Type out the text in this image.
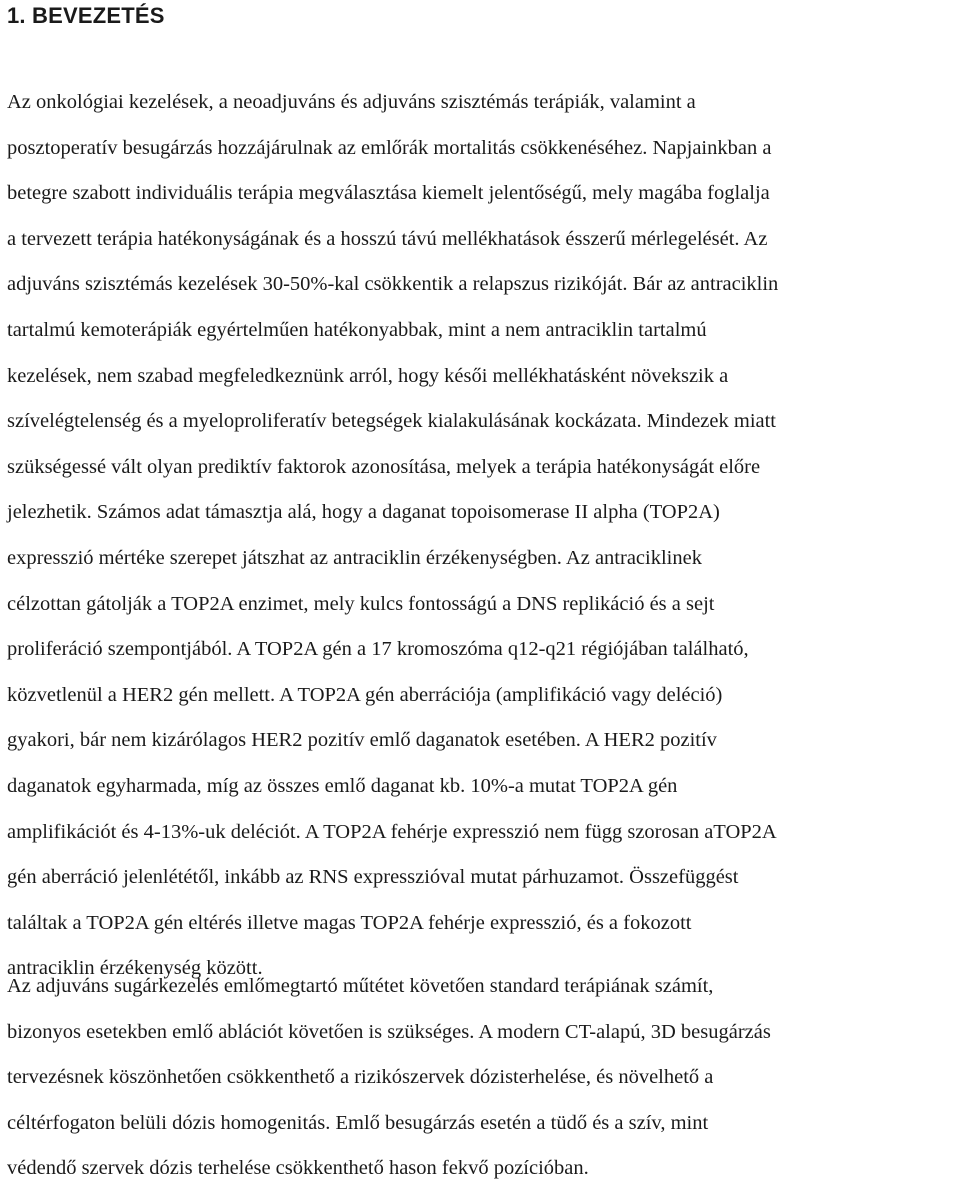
1. BEVEZETÉS
Az onkológiai kezelések, a neoadjuváns és adjuváns szisztémás terápiák, valamint a
posztoperatív besugárzás hozzájárulnak az emlőrák mortalitás csökkenéséhez. Napjainkban a
betegre szabott individuális terápia megválasztása kiemelt jelentőségű, mely magába foglalja
a tervezett terápia hatékonyságának és a hosszú távú mellékhatások ésszerű mérlegelését. Az
adjuváns szisztémás kezelések 30-50%-kal csökkentik a relapszus rizikóját. Bár az antraciklin
tartalmú kemoterápiák egyértelműen hatékonyabbak, mint a nem antraciklin tartalmú
kezelések, nem szabad megfeledkeznünk arról, hogy késői mellékhatásként növekszik a
szívelégtelenség és a myeloproliferatív betegségek kialakulásának kockázata. Mindezek miatt
szükségessé vált olyan prediktív faktorok azonosítása, melyek a terápia hatékonyságát előre
jelezhetik. Számos adat támasztja alá, hogy a daganat topoisomerase II alpha (TOP2A)
expresszió mértéke szerepet játszhat az antraciklin érzékenységben. Az antraciklinek
célzottan gátolják a TOP2A enzimet, mely kulcs fontosságú a DNS replikáció és a sejt
proliferáció szempontjából. A TOP2A gén a 17 kromoszóma q12-q21 régiójában található,
közvetlenül a HER2 gén mellett. A TOP2A gén aberrációja (amplifikáció vagy deléció)
gyakori, bár nem kizárólagos HER2 pozitív emlő daganatok esetében. A HER2 pozitív
daganatok egyharmada, míg az összes emlő daganat kb. 10%-a mutat TOP2A gén
amplifikációt és 4-13%-uk deléciót. A TOP2A fehérje expresszió nem függ szorosan aTOP2A
gén aberráció jelenlététől, inkább az RNS expresszióval mutat párhuzamot. Összefüggést
találtak a TOP2A gén eltérés illetve magas TOP2A fehérje expresszió, és a fokozott
antraciklin érzékenység között.
Az adjuváns sugárkezelés emlőmegtartó műtétet követően standard terápiának számít,
bizonyos esetekben emlő ablációt követően is szükséges. A modern CT-alapú, 3D besugárzás
tervezésnek köszönhetően csökkenthető a rizikószervek dózisterhelése, és növelhető a
céltérfogaton belüli dózis homogenitás. Emlő besugárzás esetén a tüdő és a szív, mint
védendő szervek dózis terhelése csökkenthető hason fekvő pozícióban.
